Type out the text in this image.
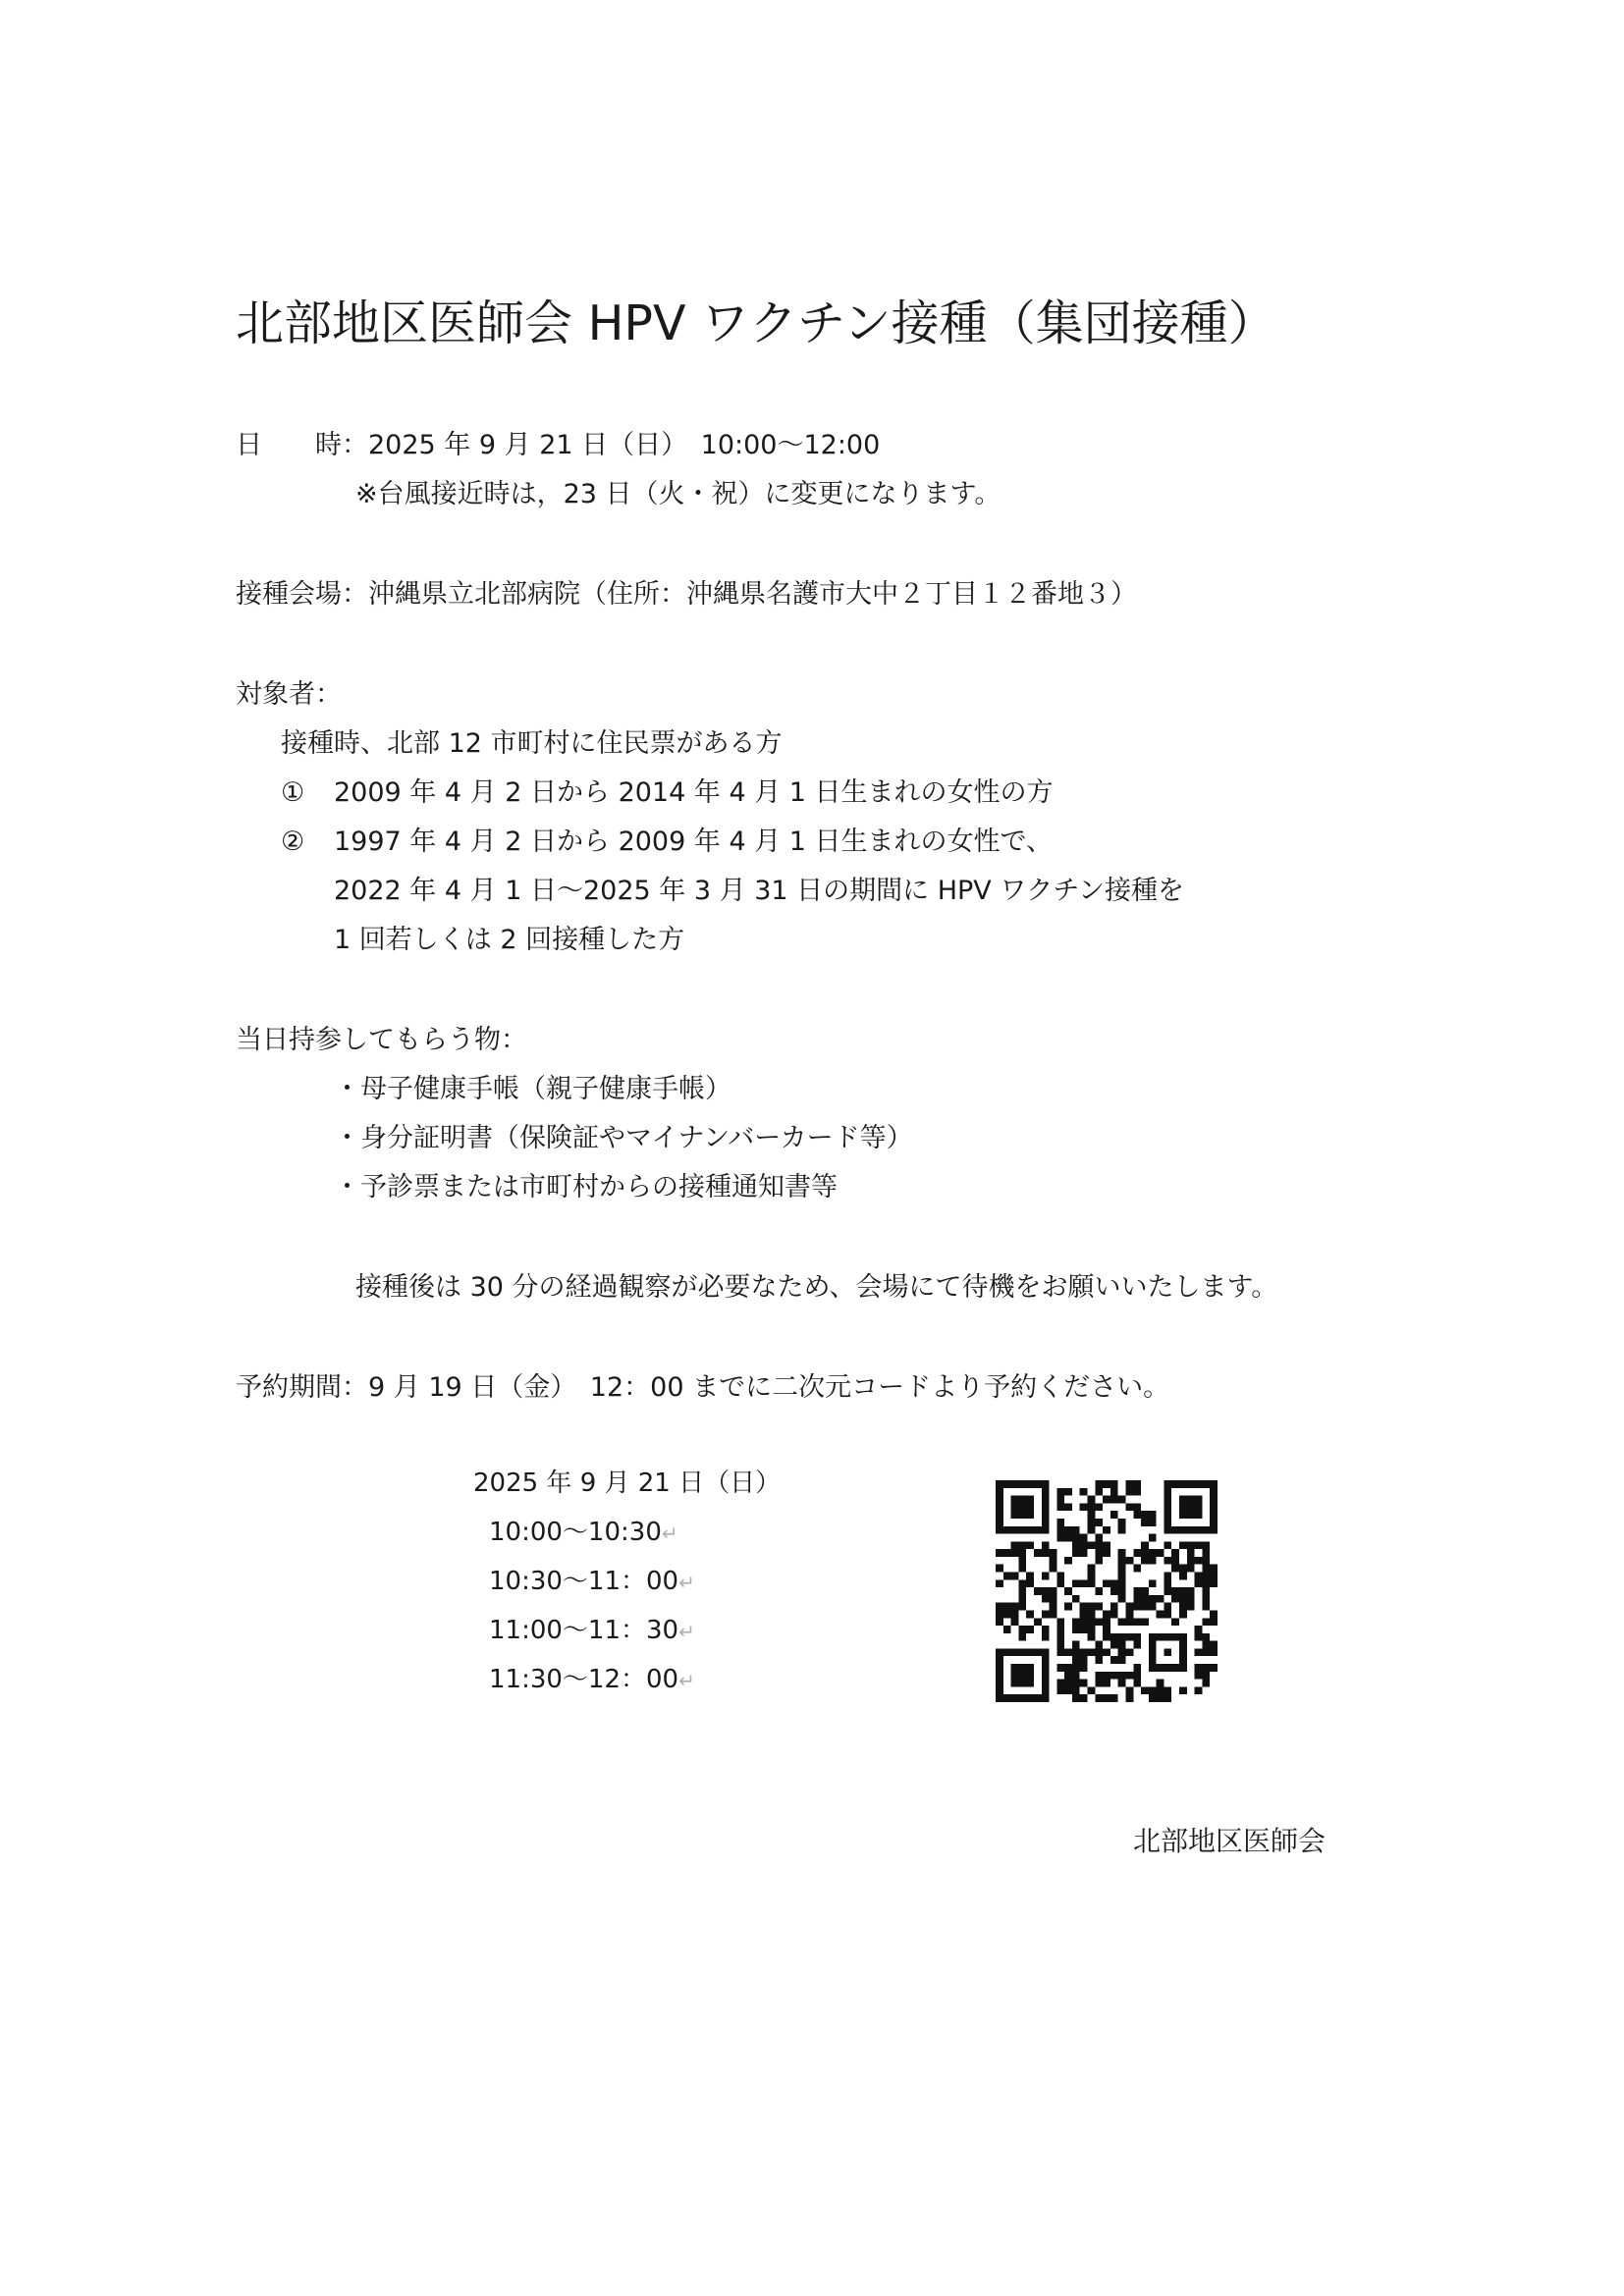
北部地区医師会 HPV ワクチン接種（集団接種）
日　　時：2025 年 9 月 21 日（日）　10:00～12:00
※台風接近時は，23 日（火・祝）に変更になります。
接種会場：沖縄県立北部病院（住所：沖縄県名護市大中２丁目１２番地３）
対象者：
接種時、北部 12 市町村に住民票がある方
① 2009 年 4 月 2 日から 2014 年 4 月 1 日生まれの女性の方
② 1997 年 4 月 2 日から 2009 年 4 月 1 日生まれの女性で、
2022 年 4 月 1 日～2025 年 3 月 31 日の期間に HPV ワクチン接種を
1 回若しくは 2 回接種した方
当日持参してもらう物：
・母子健康手帳（親子健康手帳）
・身分証明書（保険証やマイナンバーカード等）
・予診票または市町村からの接種通知書等
接種後は 30 分の経過観察が必要なため、会場にて待機をお願いいたします。
予約期間：9 月 19 日（金）　12：00 までに二次元コードより予約ください。
2025 年 9 月 21 日（日）
10:00～10:30↵
10:30～11：00↵
11:00～11：30↵
11:30～12：00↵
北部地区医師会
